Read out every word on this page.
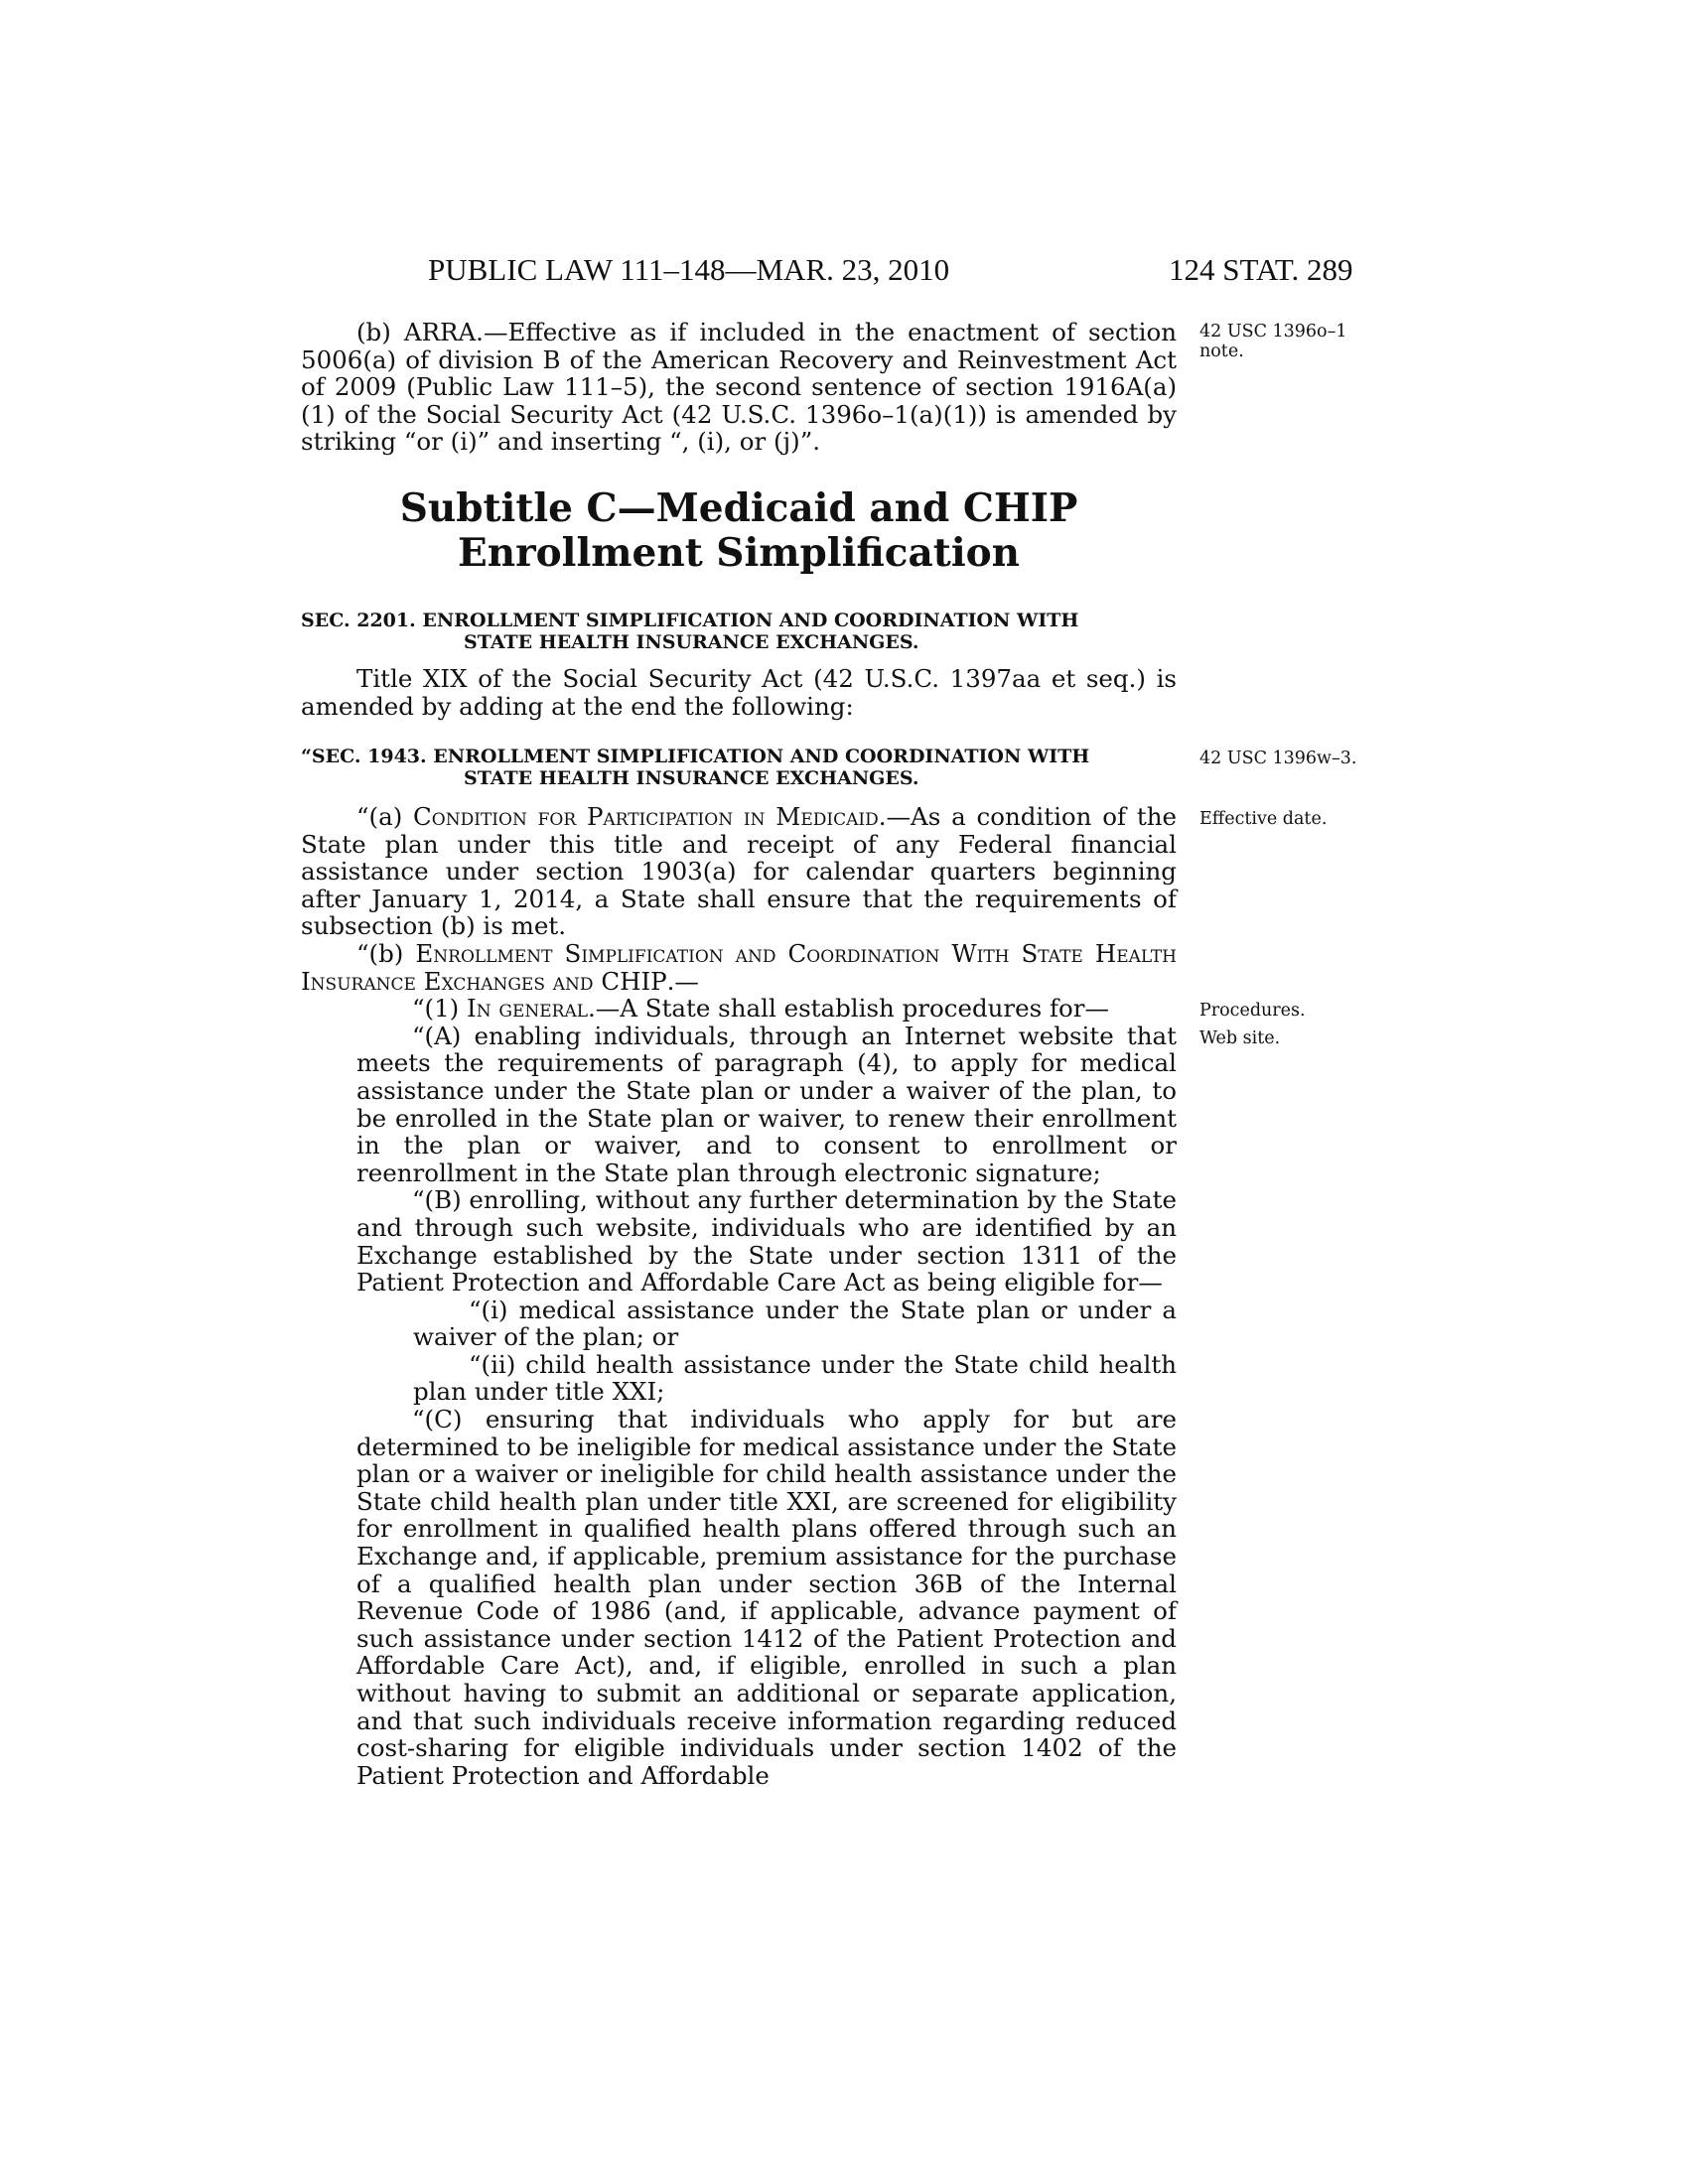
PUBLIC LAW 111–148—MAR. 23, 2010	124 STAT. 289

(b) ARRA.—Effective as if included in the enactment of section 5006(a) of division B of the American Recovery and Reinvestment Act of 2009 (Public Law 111–5), the second sentence of section 1916A(a)(1) of the Social Security Act (42 U.S.C. 1396o–1(a)(1)) is amended by striking “or (i)” and inserting “, (i), or (j)”.

42 USC 1396o–1
note.
Subtitle C—Medicaid and CHIP
Enrollment Simplification
SEC. 2201. ENROLLMENT SIMPLIFICATION AND COORDINATION WITH
STATE HEALTH INSURANCE EXCHANGES.

Title XIX of the Social Security Act (42 U.S.C. 1397aa et seq.) is amended by adding at the end the following:

“SEC. 1943. ENROLLMENT SIMPLIFICATION AND COORDINATION WITH
STATE HEALTH INSURANCE EXCHANGES.
42 USC 1396w–3.

“(a) Condition for Participation in Medicaid.—As a condition of the State plan under this title and receipt of any Federal financial assistance under section 1903(a) for calendar quarters beginning after January 1, 2014, a State shall ensure that the requirements of subsection (b) is met.

“(b) Enrollment Simplification and Coordination With State Health Insurance Exchanges and CHIP.—

“(1) In general.—A State shall establish procedures for—

“(A) enabling individuals, through an Internet website that meets the requirements of paragraph (4), to apply for medical assistance under the State plan or under a waiver of the plan, to be enrolled in the State plan or waiver, to renew their enrollment in the plan or waiver, and to consent to enrollment or reenrollment in the State plan through electronic signature;

“(B) enrolling, without any further determination by the State and through such website, individuals who are identified by an Exchange established by the State under section 1311 of the Patient Protection and Affordable Care Act as being eligible for—

“(i) medical assistance under the State plan or under a waiver of the plan; or

“(ii) child health assistance under the State child health plan under title XXI;

“(C) ensuring that individuals who apply for but are determined to be ineligible for medical assistance under the State plan or a waiver or ineligible for child health assistance under the State child health plan under title XXI, are screened for eligibility for enrollment in qualified health plans offered through such an Exchange and, if applicable, premium assistance for the purchase of a qualified health plan under section 36B of the Internal Revenue Code of 1986 (and, if applicable, advance payment of such assistance under section 1412 of the Patient Protection and Affordable Care Act), and, if eligible, enrolled in such a plan without having to submit an additional or separate application, and that such individuals receive information regarding reduced cost-sharing for eligible individuals under section 1402 of the Patient Protection and Affordable

Effective date.
Procedures.
Web site.
